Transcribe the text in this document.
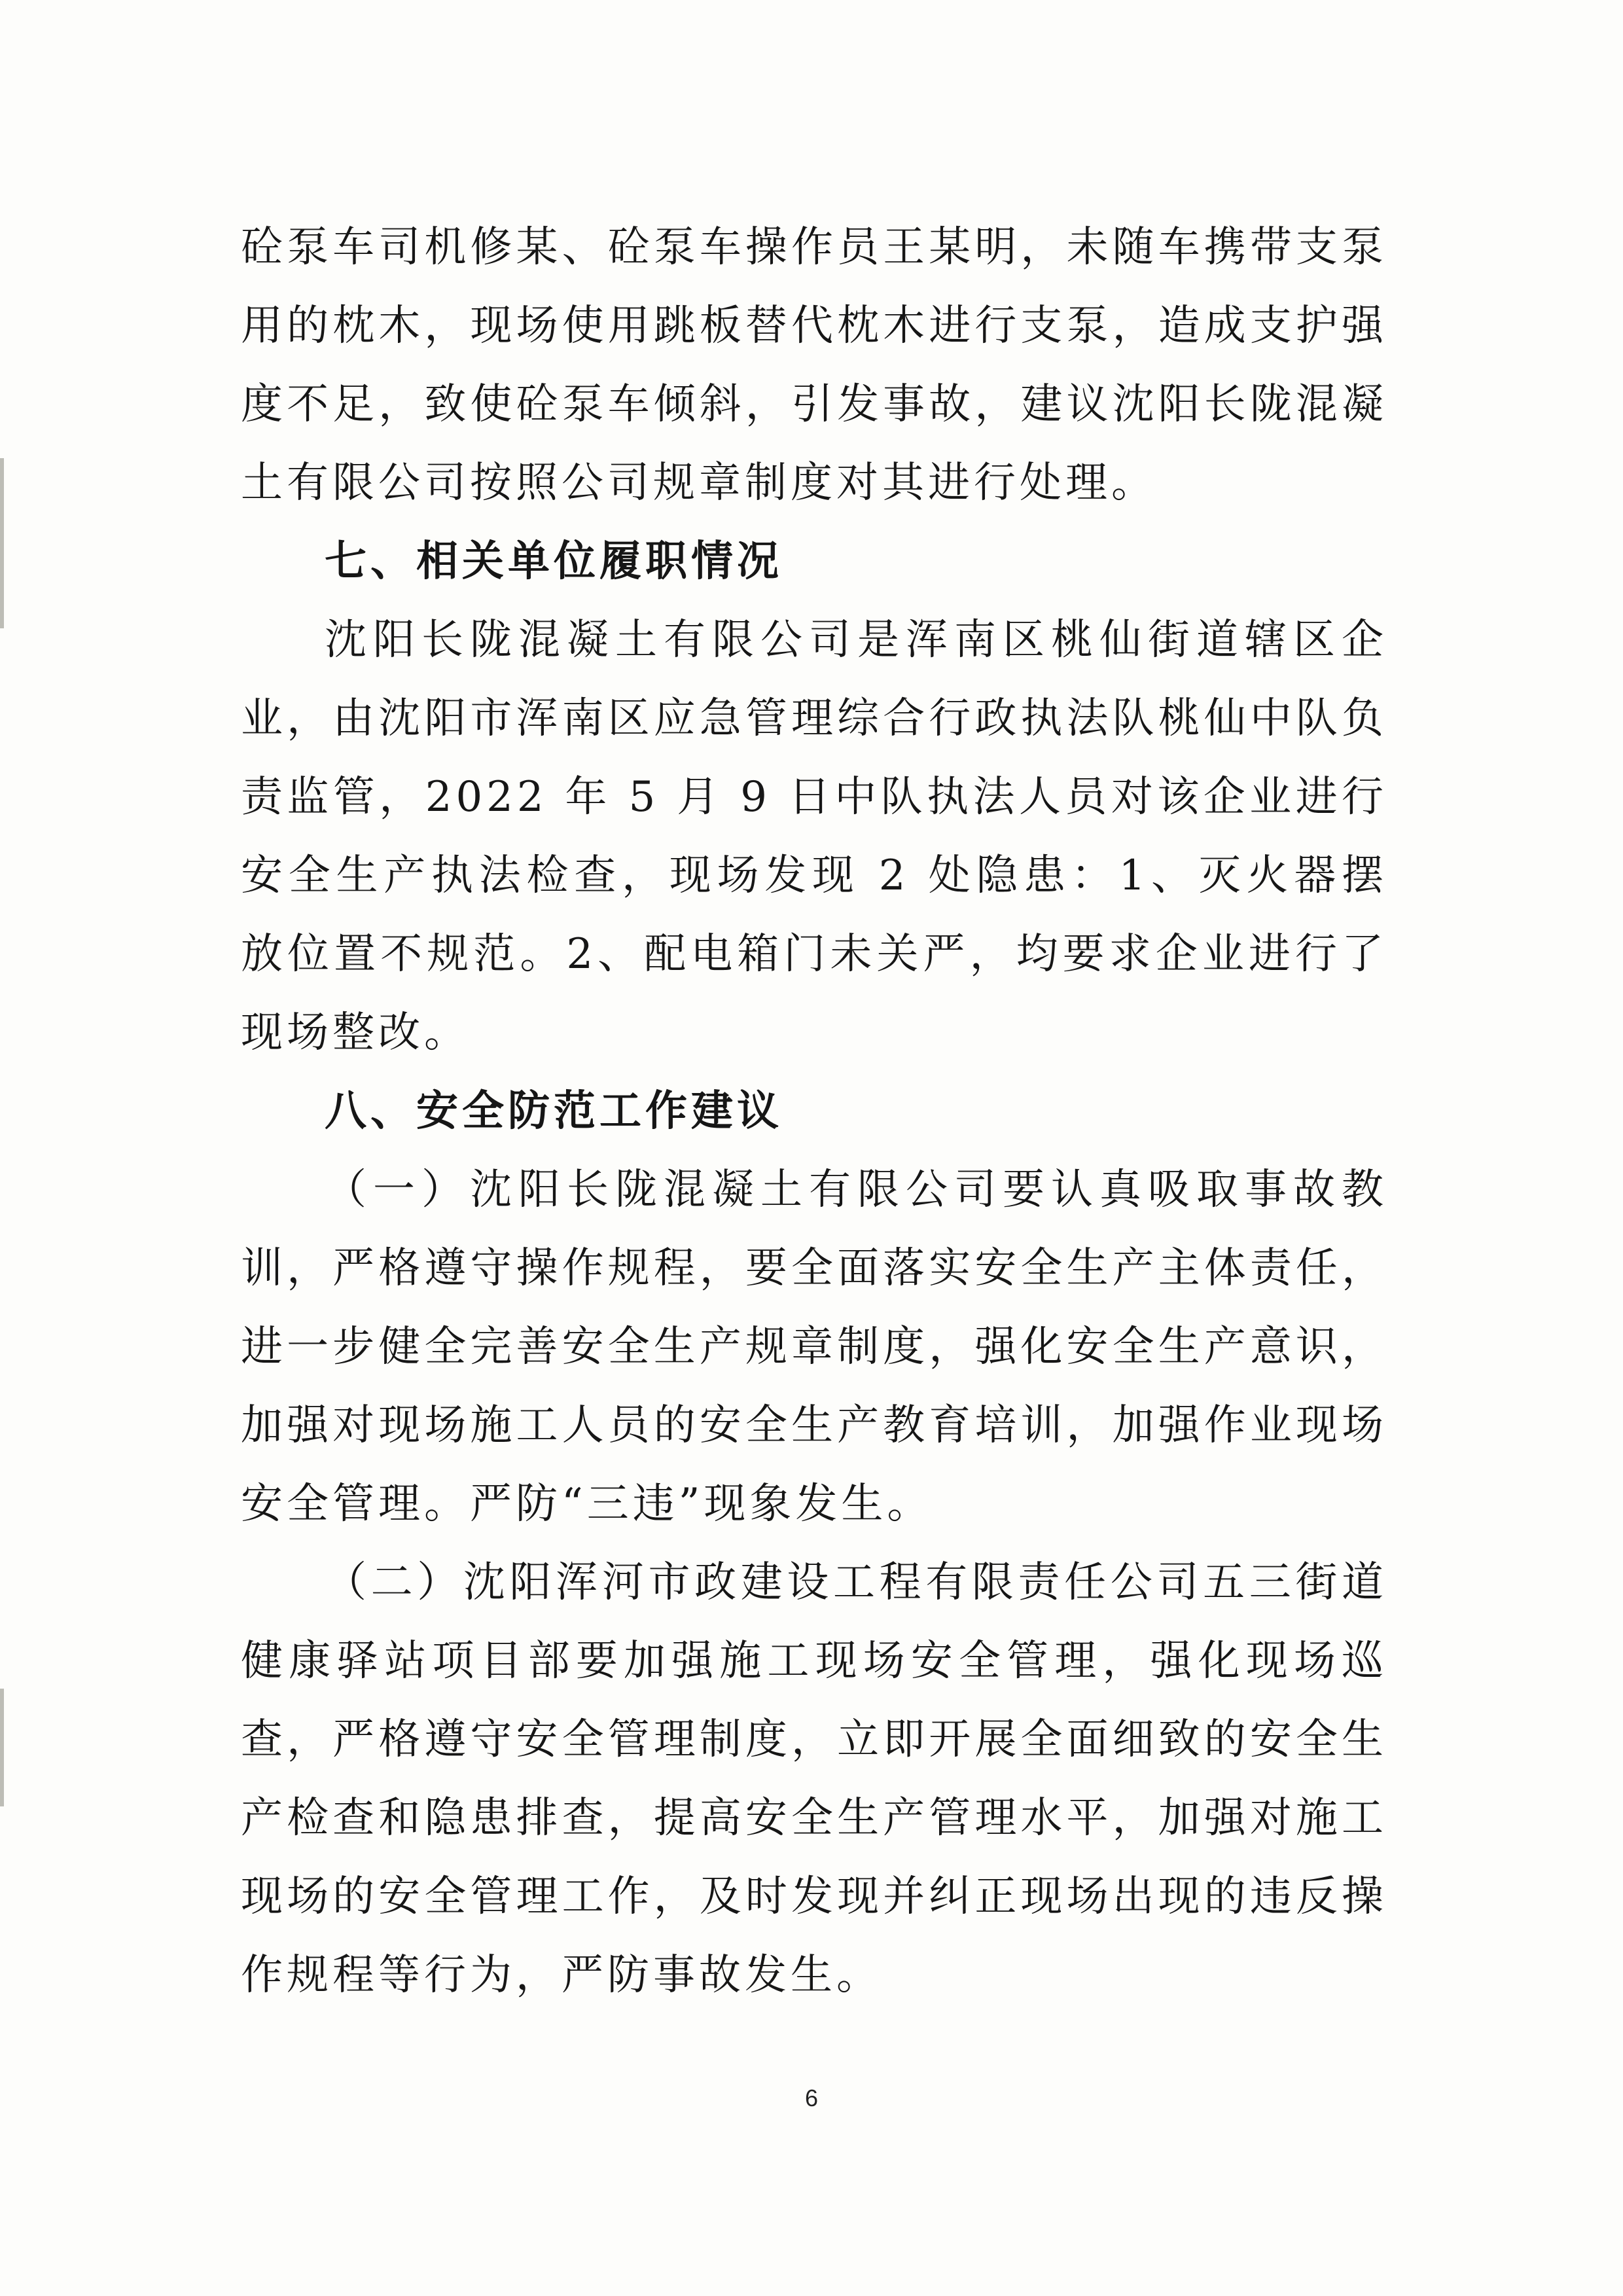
砼泵车司机修某、砼泵车操作员王某明，未随车携带支泵用的枕木，现场使用跳板替代枕木进行支泵，造成支护强度不足，致使砼泵车倾斜，引发事故，建议沈阳长陇混凝土有限公司按照公司规章制度对其进行处理。

七、相关单位履职情况

沈阳长陇混凝土有限公司是浑南区桃仙街道辖区企业，由沈阳市浑南区应急管理综合行政执法队桃仙中队负责监管，2022 年 5 月 9 日中队执法人员对该企业进行安全生产执法检查，现场发现 2 处隐患：1、灭火器摆放位置不规范。2、配电箱门未关严，均要求企业进行了现场整改。

八、安全防范工作建议

（一）沈阳长陇混凝土有限公司要认真吸取事故教训，严格遵守操作规程，要全面落实安全生产主体责任，进一步健全完善安全生产规章制度，强化安全生产意识，加强对现场施工人员的安全生产教育培训，加强作业现场安全管理。严防“三违”现象发生。

（二）沈阳浑河市政建设工程有限责任公司五三街道健康驿站项目部要加强施工现场安全管理，强化现场巡查，严格遵守安全管理制度，立即开展全面细致的安全生产检查和隐患排查，提高安全生产管理水平，加强对施工现场的安全管理工作，及时发现并纠正现场出现的违反操作规程等行为，严防事故发生。

6
